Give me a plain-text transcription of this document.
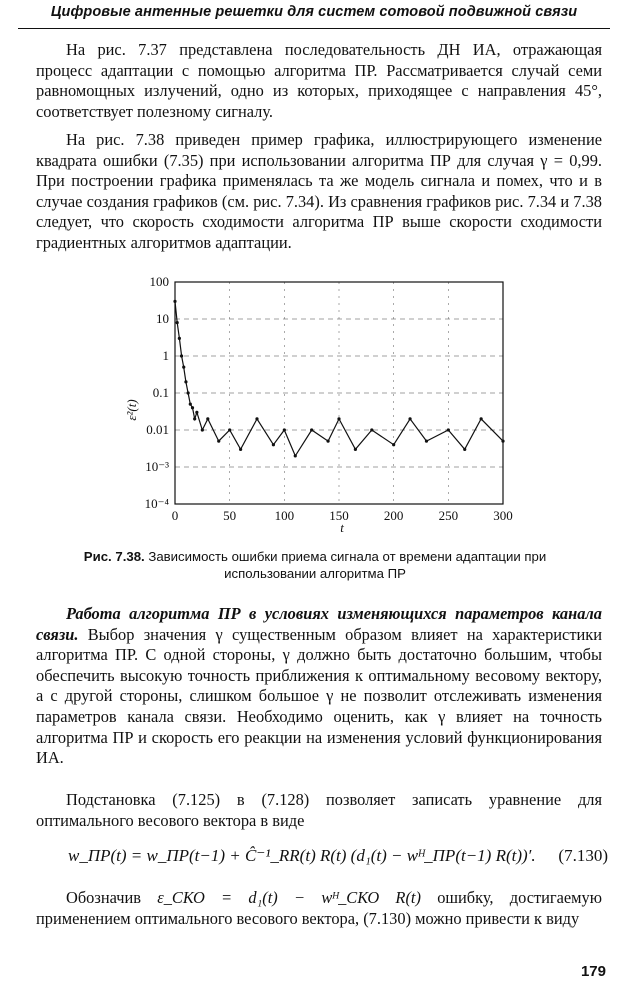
Цифровые антенные решетки для систем сотовой подвижной связи

На рис. 7.37 представлена последовательность ДН ИА, отражающая процесс адаптации с помощью алгоритма ПР. Рассматривается случай семи равномощных излучений, одно из которых, приходящее с направления 45°, соответствует полезному сигналу.

На рис. 7.38 приведен пример графика, иллюстрирующего изменение квадрата ошибки (7.35) при использовании алгоритма ПР для случая γ = 0,99. При построении графика применялась та же модель сигнала и помех, что и в случае создания графиков (см. рис. 7.34). Из сравнения графиков рис. 7.34 и 7.38 следует, что скорость сходимости алгоритма ПР выше скорости сходимости градиентных алгоритмов адаптации.

100
10
1
0.1
0.01
10⁻³
10⁻⁴
0	50	100	150	200	250	300
ε²(t)
t
Рис. 7.38. Зависимость ошибки приема сигнала от времени адаптации при использовании алгоритма ПР

Работа алгоритма ПР в условиях изменяющихся параметров канала связи. Выбор значения γ существенным образом влияет на характеристики алгоритма ПР. С одной стороны, γ должно быть достаточно большим, чтобы обеспечить высокую точность приближения к оптимальному весовому вектору, а с другой стороны, слишком большое γ не позволит отслеживать изменения параметров канала связи. Необходимо оценить, как γ влияет на точность алгоритма ПР и скорость его реакции на изменения условий функционирования ИА.

Подстановка (7.125) в (7.128) позволяет записать уравнение для оптимального весового вектора в виде

w_ПР(t) = w_ПР(t−1) + Ĉ⁻¹_RR(t) R(t) (d₁(t) − wᴴ_ПР(t−1) R(t))′. (7.130)

Обозначив ε_СКО = d₁(t) − wᴴ_СКО R(t) ошибку, достигаемую применением оптимального весового вектора, (7.130) можно привести к виду

179
